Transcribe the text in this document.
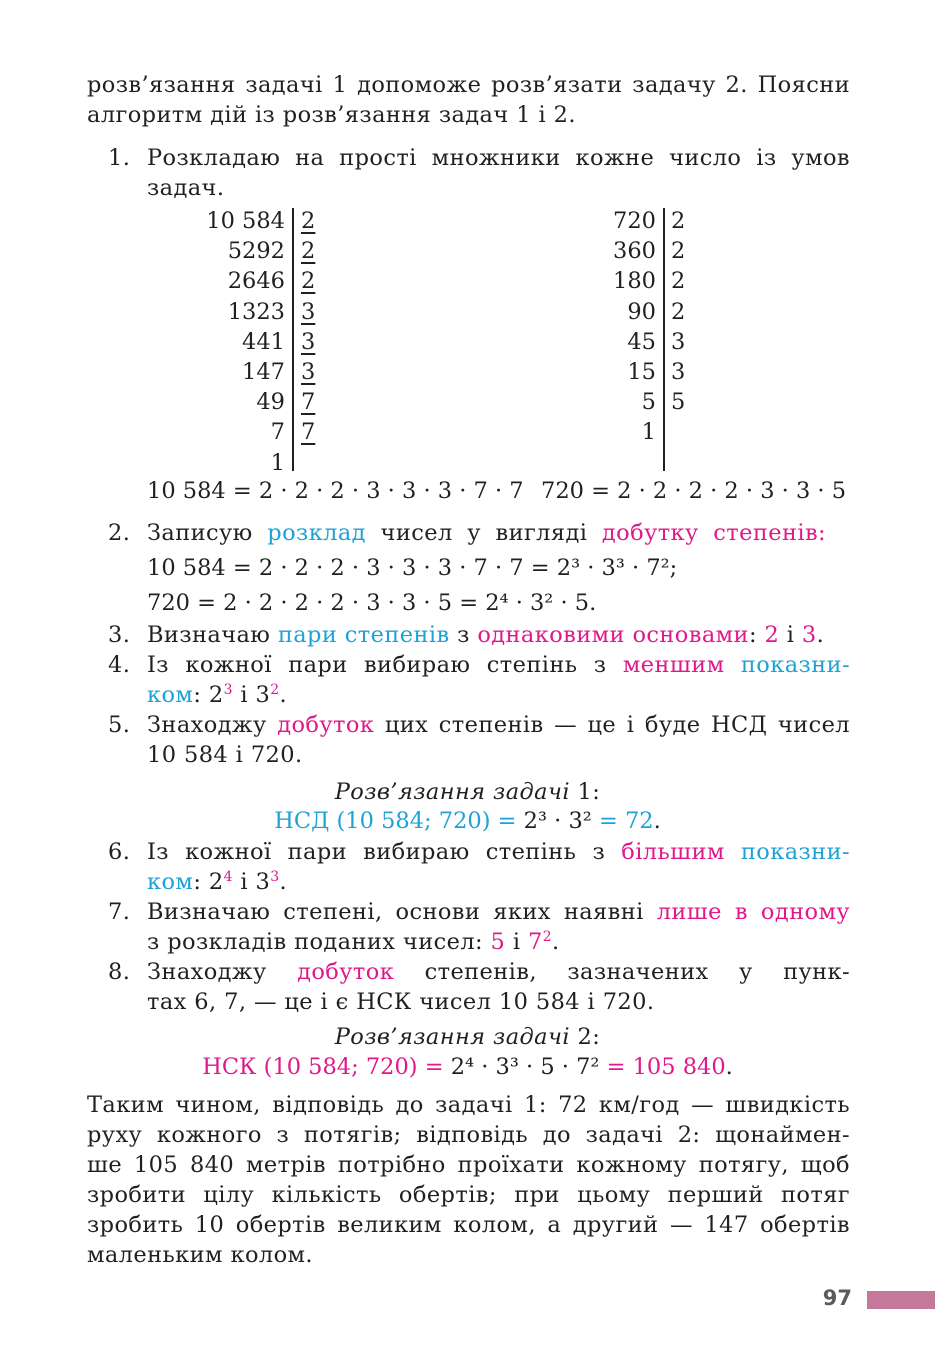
розв’язання задачі 1 допоможе розв’язати задачу 2. Поясни
алгоритм дій із розв’язання задач 1 і 2.
1. Розкладаю на прості множники кожне число із умов
задач.
10 584
5292
2646
1323
441
147
49
7
1
2
2
2
3
3
3
7
7
10 584 = 2 · 2 · 2 · 3 · 3 · 3 · 7 · 7
720
360
180
90
45
15
5
1
2
2
2
2
3
3
5
720 = 2 · 2 · 2 · 2 · 3 · 3 · 5
2. Записую розклад чисел у вигляді добутку степенів:
10 584 = 2 · 2 · 2 · 3 · 3 · 3 · 7 · 7 = 2³ · 3³ · 7²;
720 = 2 · 2 · 2 · 2 · 3 · 3 · 5 = 2⁴ · 3² · 5.
3. Визначаю пари степенів з однаковими основами: 2 і 3.
4. Із кожної пари вибираю степінь з меншим показни-
ком: $2^3$ і $3^2$.
5. Знаходжу добуток цих степенів — це і буде НСД чисел
10 584 і 720.
Розв’язання задачі 1:
НСД (10 584; 720) = 2³ · 3² = 72.
6. Із кожної пари вибираю степінь з більшим показни-
ком: $2^4$ і $3^3$.
7. Визначаю степені, основи яких наявні лише в одному
з розкладів поданих чисел: 5 і $7^2$.
8. Знаходжу добуток степенів, зазначених у пунк-
тах 6, 7, — це і є НСК чисел 10 584 і 720.
Розв’язання задачі 2:
НСК (10 584; 720) = 2⁴ · 3³ · 5 · 7² = 105 840.
Таким чином, відповідь до задачі 1: 72 км/год — швидкість
руху кожного з потягів; відповідь до задачі 2: щонаймен-
ше 105 840 метрів потрібно проїхати кожному потягу, щоб
зробити цілу кількість обертів; при цьому перший потяг
зробить 10 обертів великим колом, а другий — 147 обертів
маленьким колом.
97
